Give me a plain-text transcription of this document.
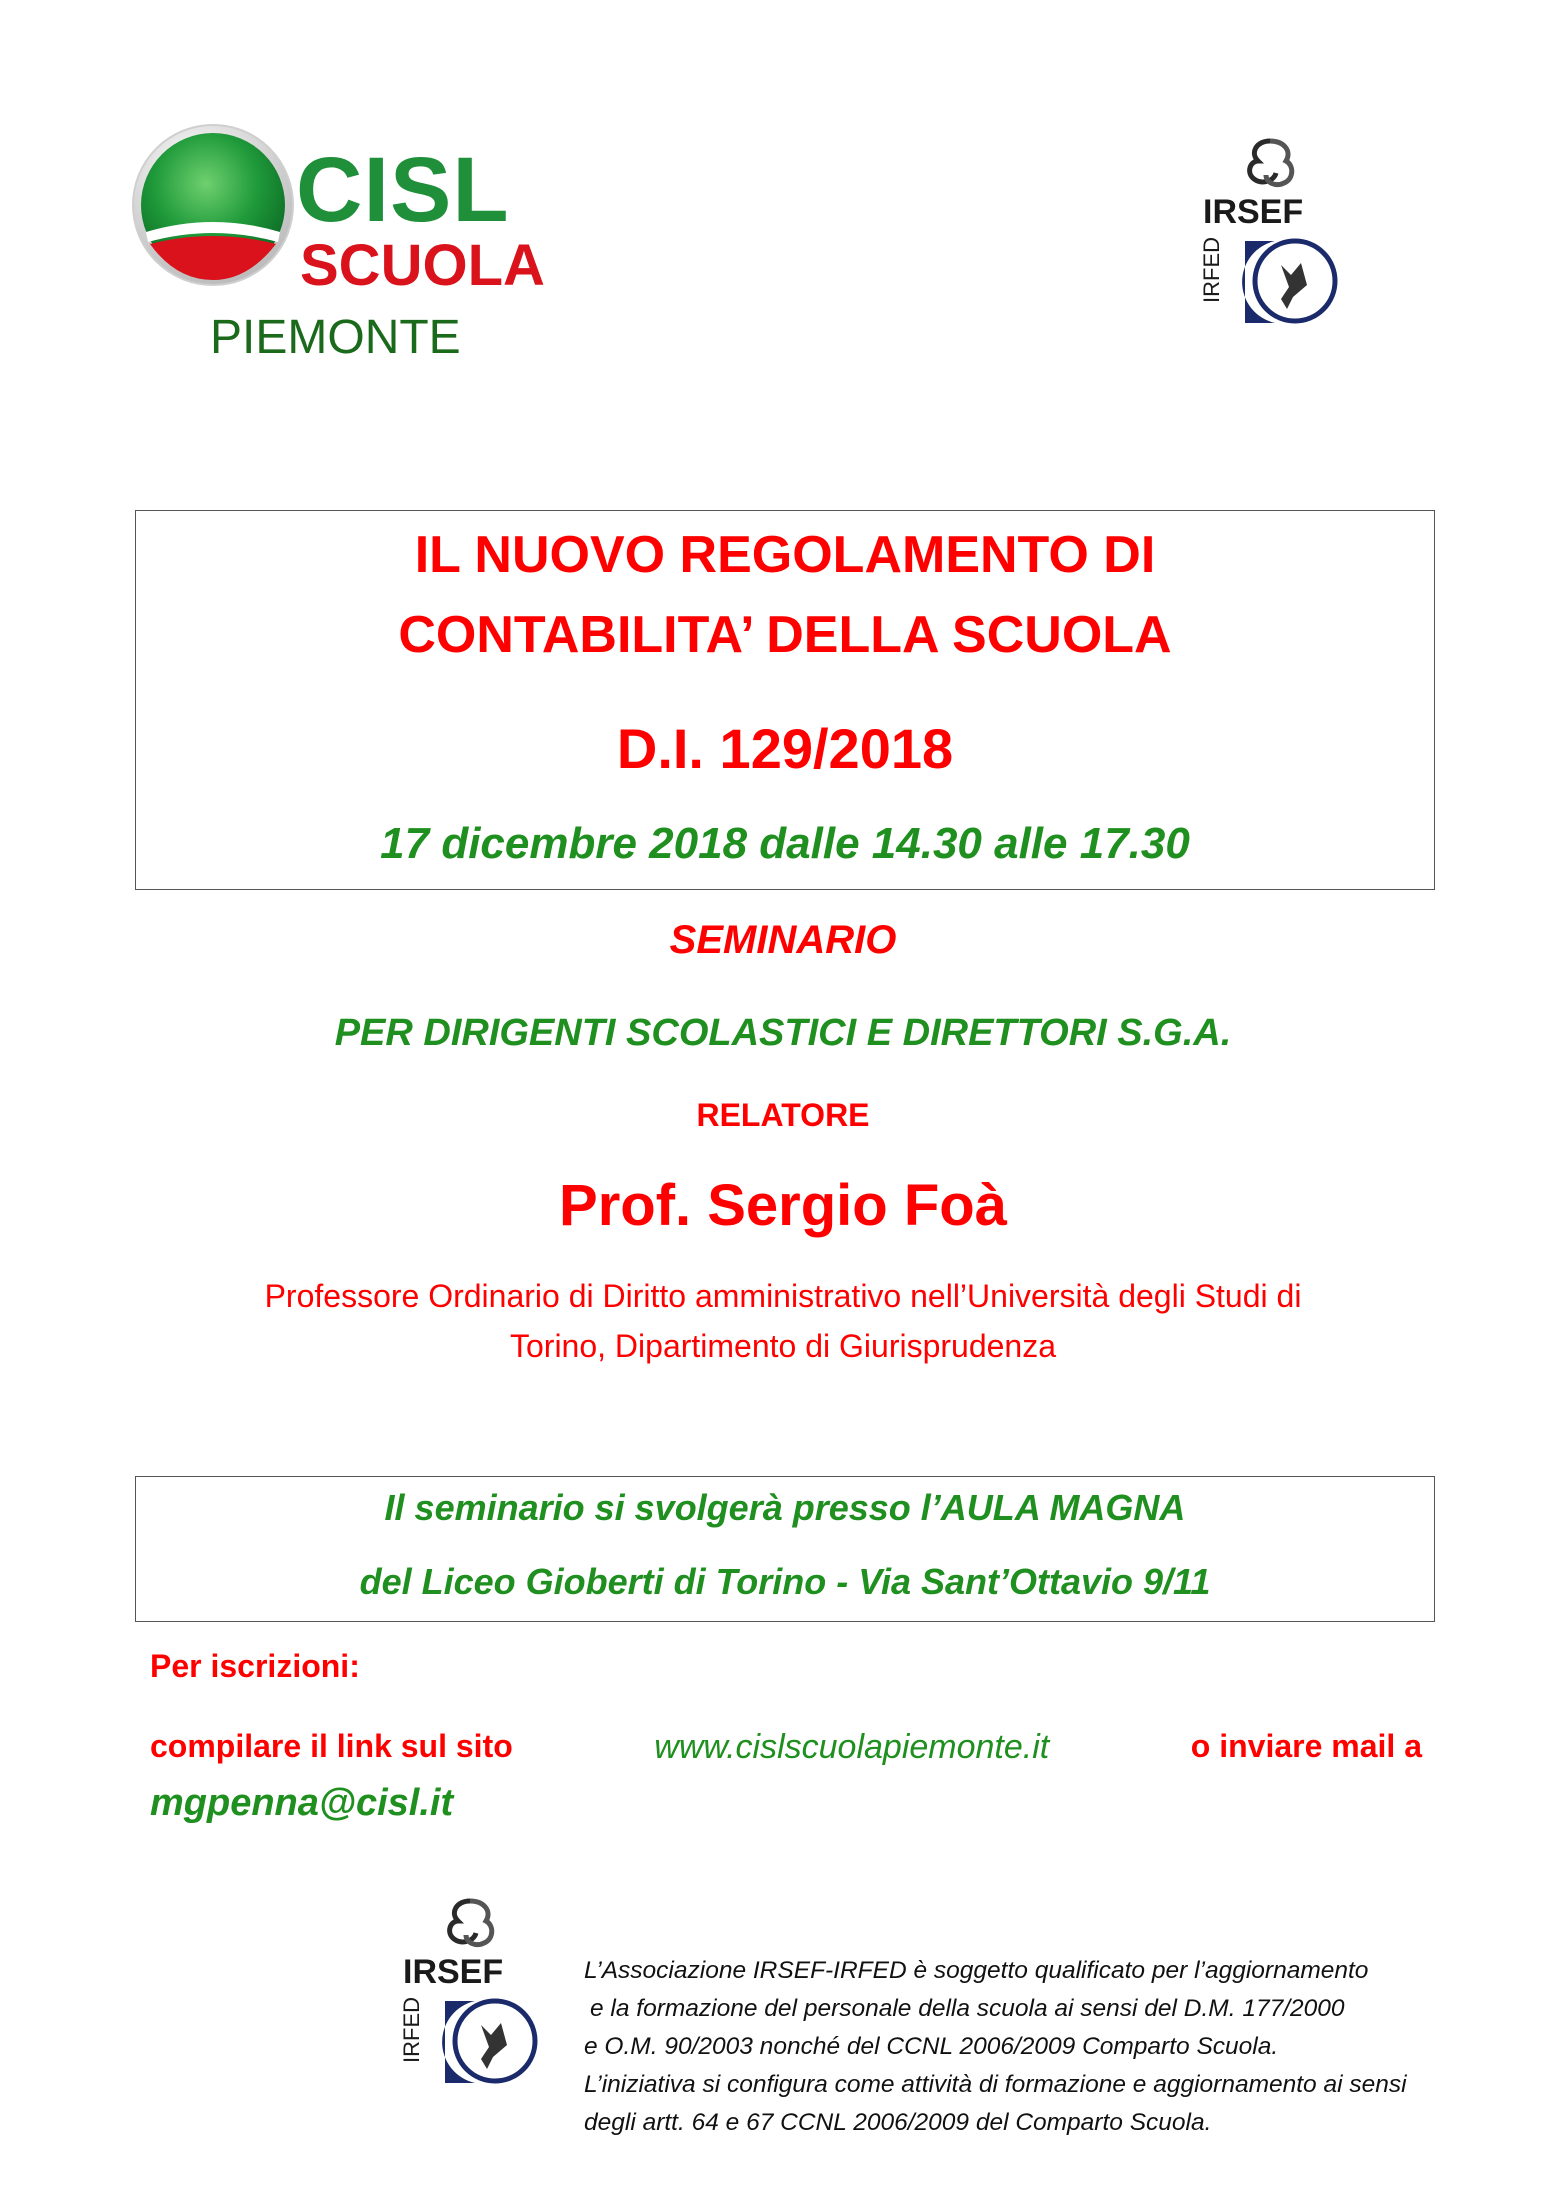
CISL
SCUOLA
PIEMONTE
IRSEF
IRFED
IL NUOVO REGOLAMENTO DI
CONTABILITA’ DELLA SCUOLA
D.I. 129/2018
17 dicembre 2018 dalle 14.30 alle 17.30
SEMINARIO
PER DIRIGENTI SCOLASTICI E DIRETTORI S.G.A.
RELATORE
Prof. Sergio Foà
Professore Ordinario di Diritto amministrativo nell’Università degli Studi di
Torino, Dipartimento di Giurisprudenza
Il seminario si svolgerà presso l’AULA MAGNA
del Liceo Gioberti di Torino - Via Sant’Ottavio 9/11
Per iscrizioni:
compilare il link sul sito	www.cislscuolapiemonte.it	o inviare mail a
mgpenna@cisl.it
IRSEF
IRFED
L’Associazione IRSEF-IRFED è soggetto qualificato per l’aggiornamento
e la formazione del personale della scuola ai sensi del D.M. 177/2000
e O.M. 90/2003 nonché del CCNL 2006/2009 Comparto Scuola.
L’iniziativa si configura come attività di formazione e aggiornamento ai sensi
degli artt. 64 e 67 CCNL 2006/2009 del Comparto Scuola.
